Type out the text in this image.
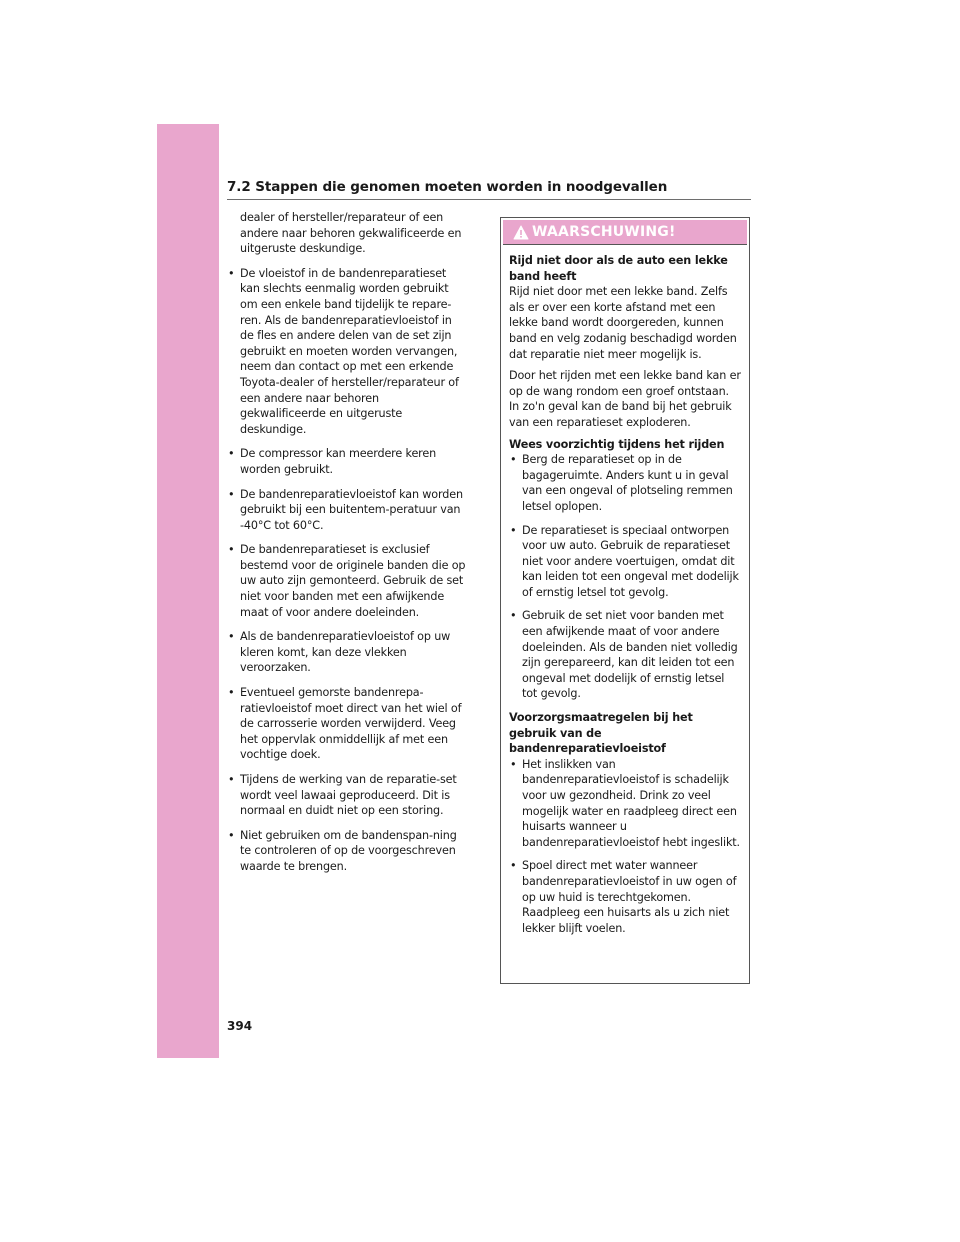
7.2 Stappen die genomen moeten worden in noodgevallen

dealer of hersteller/reparateur of een andere naar behoren gekwalificeerde en uitgeruste deskundige.

• De vloeistof in de bandenreparatieset kan slechts eenmalig worden gebruikt om een enkele band tijdelijk te repare-ren. Als de bandenreparatievloeistof in de fles en andere delen van de set zijn gebruikt en moeten worden vervangen, neem dan contact op met een erkende Toyota-dealer of hersteller/reparateur of een andere naar behoren gekwalificeerde en uitgeruste deskundige.

• De compressor kan meerdere keren worden gebruikt.

• De bandenreparatievloeistof kan worden gebruikt bij een buitentem-peratuur van -40°C tot 60°C.

• De bandenreparatieset is exclusief bestemd voor de originele banden die op uw auto zijn gemonteerd. Gebruik de set niet voor banden met een afwijkende maat of voor andere doeleinden.

• Als de bandenreparatievloeistof op uw kleren komt, kan deze vlekken veroorzaken.

• Eventueel gemorste bandenrepa-ratievloeistof moet direct van het wiel of de carrosserie worden verwijderd. Veeg het oppervlak onmiddellijk af met een vochtige doek.

• Tijdens de werking van de reparatie-set wordt veel lawaai geproduceerd. Dit is normaal en duidt niet op een storing.

• Niet gebruiken om de bandenspan-ning te controleren of op de voorgeschreven waarde te brengen.

WAARSCHUWING!

Rijd niet door als de auto een lekke band heeft

Rijd niet door met een lekke band. Zelfs als er over een korte afstand met een lekke band wordt doorgereden, kunnen band en velg zodanig beschadigd worden dat reparatie niet meer mogelijk is.

Door het rijden met een lekke band kan er op de wang rondom een groef ontstaan. In zo'n geval kan de band bij het gebruik van een reparatieset exploderen.

Wees voorzichtig tijdens het rijden

• Berg de reparatieset op in de bagageruimte. Anders kunt u in geval van een ongeval of plotseling remmen letsel oplopen.

• De reparatieset is speciaal ontworpen voor uw auto. Gebruik de reparatieset niet voor andere voertuigen, omdat dit kan leiden tot een ongeval met dodelijk of ernstig letsel tot gevolg.

• Gebruik de set niet voor banden met een afwijkende maat of voor andere doeleinden. Als de banden niet volledig zijn gerepareerd, kan dit leiden tot een ongeval met dodelijk of ernstig letsel tot gevolg.

Voorzorgsmaatregelen bij het gebruik van de bandenreparatievloeistof

• Het inslikken van bandenreparatievloeistof is schadelijk voor uw gezondheid. Drink zo veel mogelijk water en raadpleeg direct een huisarts wanneer u bandenreparatievloeistof hebt ingeslikt.

• Spoel direct met water wanneer bandenreparatievloeistof in uw ogen of op uw huid is terechtgekomen. Raadpleeg een huisarts als u zich niet lekker blijft voelen.

394
